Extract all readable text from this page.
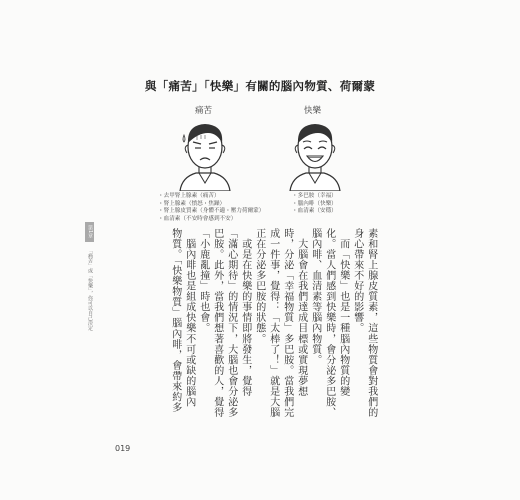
與「痛苦」「快樂」有關的腦內物質、荷爾蒙
痛苦
・去甲腎上腺素（痛苦）
・腎上腺素（憤怒・焦躁）
・腎上腺皮質素（身體不適・壓力荷爾蒙）
・血清素（不安時會感到不安）
快樂
・多巴胺（幸福）
・腦內啡（快樂）
・血清素（安穩）
素和腎上腺皮質素，這些物質會對我們的
身心帶來不好的影響。
　而「快樂」也是一種腦內物質的變
化。當人們感到快樂時，會分泌多巴胺、
腦內啡、血清素等腦內物質。
　大腦會在我們達成目標或實現夢想
時，分泌「幸福物質」多巴胺。當我們完
成一件事，覺得：「太棒了！」就是大腦
正在分泌多巴胺的狀態。
　或是在快樂的事情即將發生，覺得
「滿心期待」的情況下，大腦也會分泌多
巴胺。此外，當我們想著喜歡的人，覺得
「小鹿亂撞」時也會。
　腦內啡也是組成快樂不可或缺的腦內
物質。「快樂物質」腦內啡，會帶來約多
第1章
「痛苦」或「快樂」，你可以自己決定
019
